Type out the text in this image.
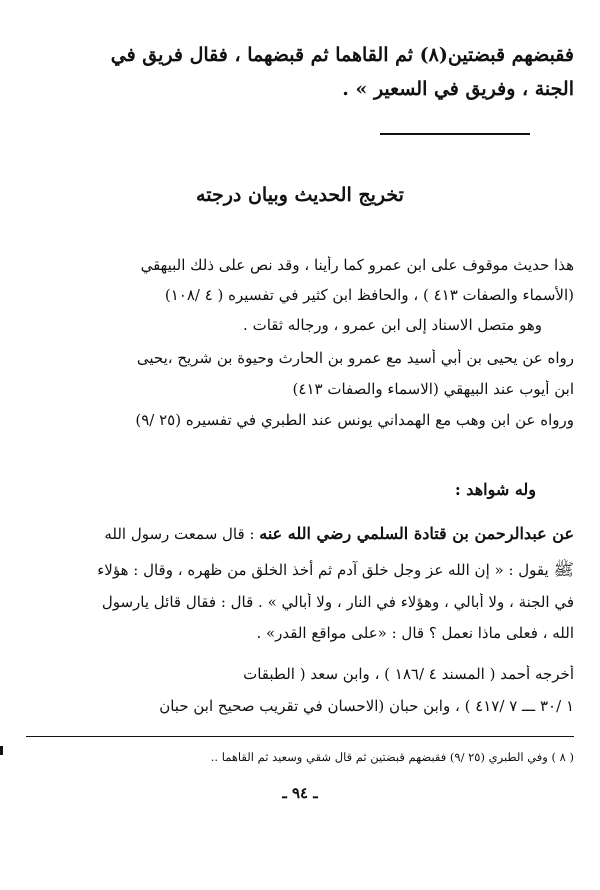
فقبضهم قبضتين(٨) ثم القاهما ثم قبضهما ، فقال فريق في
الجنة ، وفريق في السعير » .
تخريج الحديث وبيان درجته
هذا حديث موقوف على ابن عمرو كما رأينا ، وقد نص على ذلك البيهقي
(الأسماء والصفات ٤١٣ ) ، والحافظ ابن كثير في تفسيره ( ٤ /١٠٨)
وهو متصل الاسناد إلى ابن عمرو ، ورجاله ثقات .
رواه عن يحيى بن أبي أسيد مع عمرو بن الحارث وحيوة بن شريح ،يحيى
ابن أيوب عند البيهقي (الاسماء والصفات ٤١٣)
ورواه عن ابن وهب مع الهمداني يونس عند الطبري في تفسيره (٢٥ /٩)
وله شواهد :
عن عبدالرحمن بن قتادة السلمي رضي الله عنه : قال سمعت رسول الله
ﷺ يقول : « إن الله عز وجل خلق آدم ثم أخذ الخلق من ظهره ، وقال : هؤلاء
في الجنة ، ولا أبالي ، وهؤلاء في النار ، ولا أبالي » . قال : فقال قائل يارسول
الله ، فعلى ماذا نعمل ؟ قال : «على مواقع القدر» .
أخرجه أحمد ( المسند ٤ /١٨٦ ) ، وابن سعد ( الطبقات
١ /٣٠ ـــ ٧ /٤١٧ ) ، وابن حبان (الاحسان في تقريب صحيح ابن حبان
( ٨ ) وفي الطبري (٢٥ /٩) فقبضهم قبضتين ثم قال شقي وسعيد ثم القاهما ..
ـ ٩٤ ـ
